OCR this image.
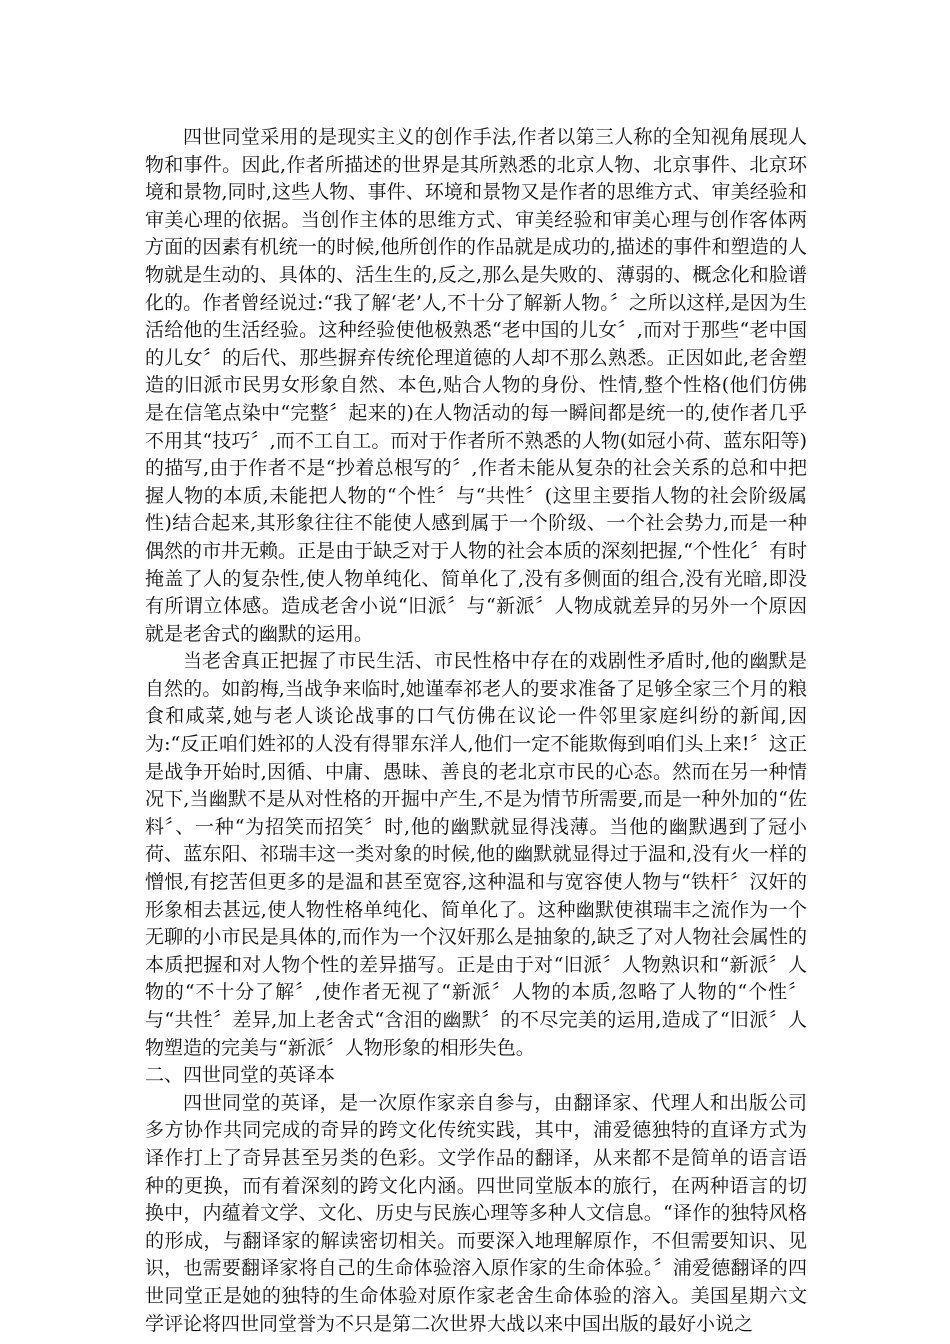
四世同堂采用的是现实主义的创作手法,作者以第三人称的全知视角展现人物和事件。因此,作者所描述的世界是其所熟悉的北京人物、北京事件、北京环境和景物,同时,这些人物、事件、环境和景物又是作者的思维方式、审美经验和审美心理的依据。当创作主体的思维方式、审美经验和审美心理与创作客体两方面的因素有机统一的时候,他所创作的作品就是成功的,描述的事件和塑造的人物就是生动的、具体的、活生生的,反之,那么是失败的、薄弱的、概念化和脸谱化的。作者曾经说过:“我了解‘老’人,不十分了解新人物。〞之所以这样,是因为生活给他的生活经验。这种经验使他极熟悉“老中国的儿女〞,而对于那些“老中国的儿女〞的后代、那些摒弃传统伦理道德的人却不那么熟悉。正因如此,老舍塑造的旧派市民男女形象自然、本色,贴合人物的身份、性情,整个性格(他们仿佛是在信笔点染中“完整〞起来的)在人物活动的每一瞬间都是统一的,使作者几乎不用其“技巧〞,而不工自工。而对于作者所不熟悉的人物(如冠小荷、蓝东阳等)的描写,由于作者不是“抄着总根写的〞,作者未能从复杂的社会关系的总和中把握人物的本质,未能把人物的“个性〞与“共性〞(这里主要指人物的社会阶级属性)结合起来,其形象往往不能使人感到属于一个阶级、一个社会势力,而是一种偶然的市井无赖。正是由于缺乏对于人物的社会本质的深刻把握,“个性化〞有时掩盖了人的复杂性,使人物单纯化、简单化了,没有多侧面的组合,没有光暗,即没有所谓立体感。造成老舍小说“旧派〞与“新派〞人物成就差异的另外一个原因就是老舍式的幽默的运用。

当老舍真正把握了市民生活、市民性格中存在的戏剧性矛盾时,他的幽默是自然的。如韵梅,当战争来临时,她谨奉祁老人的要求准备了足够全家三个月的粮食和咸菜,她与老人谈论战事的口气仿佛在议论一件邻里家庭纠纷的新闻,因为:“反正咱们姓祁的人没有得罪东洋人,他们一定不能欺侮到咱们头上来!〞这正是战争开始时,因循、中庸、愚昧、善良的老北京市民的心态。然而在另一种情况下,当幽默不是从对性格的开掘中产生,不是为情节所需要,而是一种外加的“佐料〞、一种“为招笑而招笑〞时,他的幽默就显得浅薄。当他的幽默遇到了冠小荷、蓝东阳、祁瑞丰这一类对象的时候,他的幽默就显得过于温和,没有火一样的憎恨,有挖苦但更多的是温和甚至宽容,这种温和与宽容使人物与“铁杆〞汉奸的形象相去甚远,使人物性格单纯化、简单化了。这种幽默使祺瑞丰之流作为一个无聊的小市民是具体的,而作为一个汉奸那么是抽象的,缺乏了对人物社会属性的本质把握和对人物个性的差异描写。正是由于对“旧派〞人物熟识和“新派〞人物的“不十分了解〞,使作者无视了“新派〞人物的本质,忽略了人物的“个性〞与“共性〞差异,加上老舍式“含泪的幽默〞的不尽完美的运用,造成了“旧派〞人物塑造的完美与“新派〞人物形象的相形失色。

二、四世同堂的英译本

四世同堂的英译，是一次原作家亲自参与，由翻译家、代理人和出版公司多方协作共同完成的奇异的跨文化传统实践，其中，浦爱德独特的直译方式为译作打上了奇异甚至另类的色彩。文学作品的翻译，从来都不是简单的语言语种的更换，而有着深刻的跨文化内涵。四世同堂版本的旅行，在两种语言的切换中，内蕴着文学、文化、历史与民族心理等多种人文信息。“译作的独特风格的形成，与翻译家的解读密切相关。而要深入地理解原作，不但需要知识、见识，也需要翻译家将自己的生命体验溶入原作家的生命体验。〞浦爱德翻译的四世同堂正是她的独特的生命体验对原作家老舍生命体验的溶入。美国星期六文学评论将四世同堂誉为不只是第二次世界大战以来中国出版的最好小说之
